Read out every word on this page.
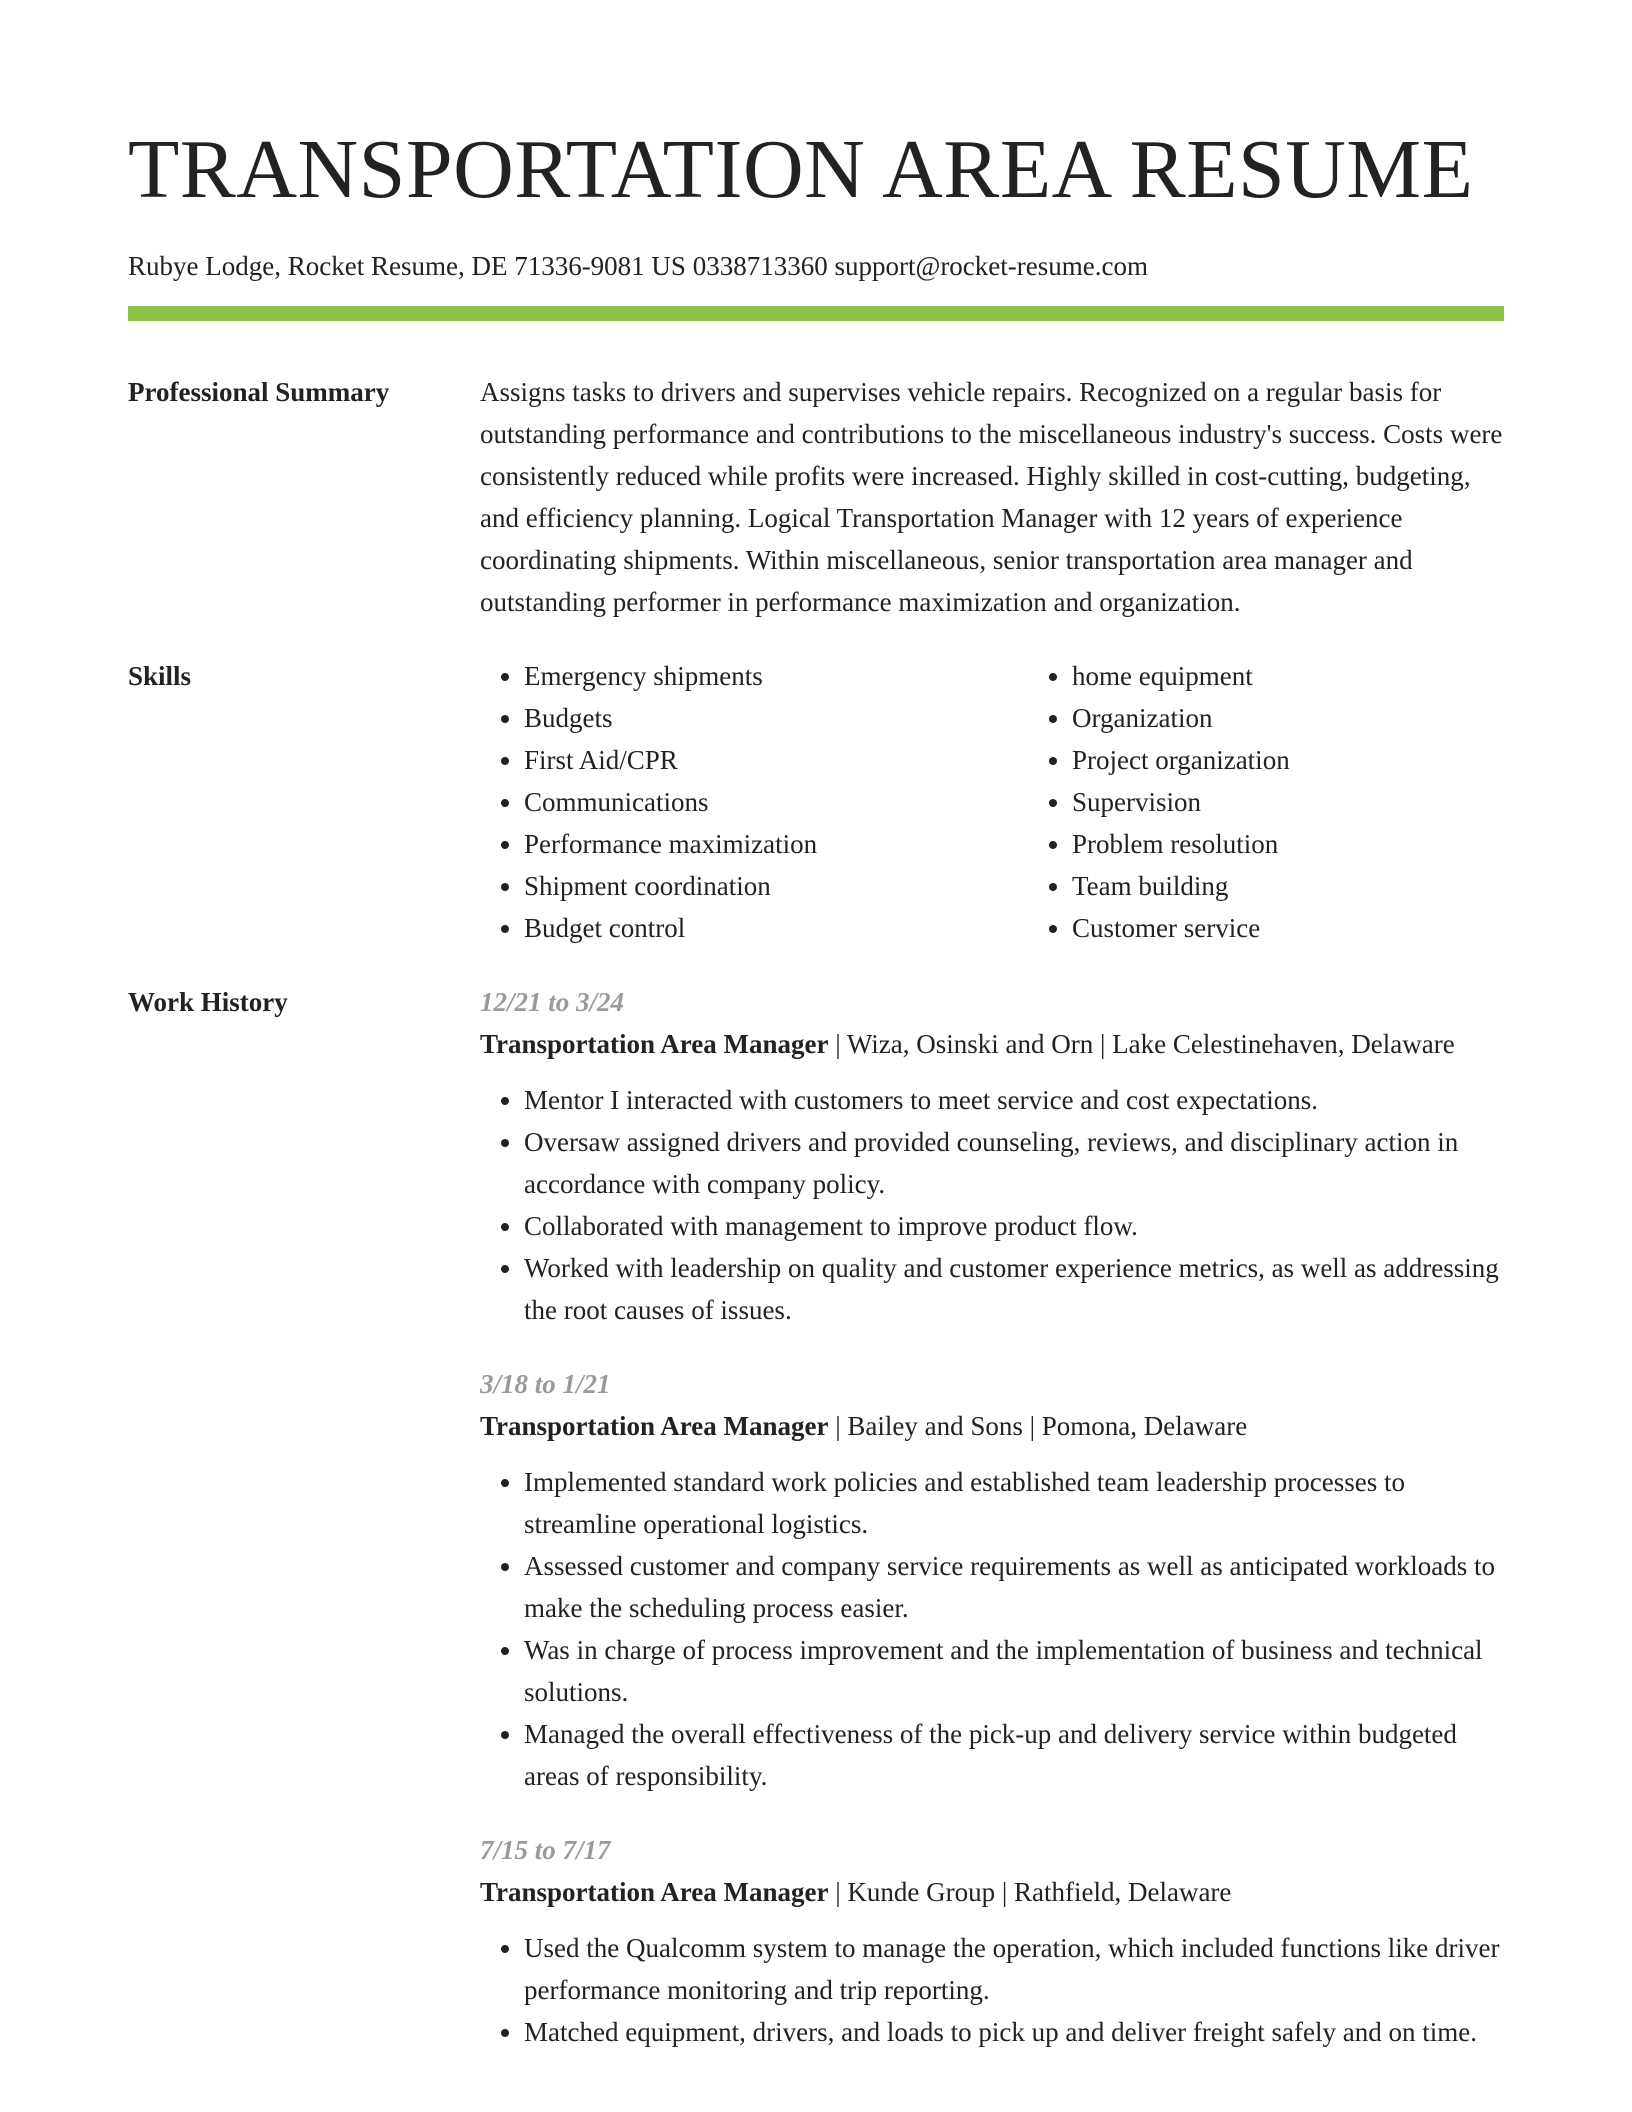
TRANSPORTATION AREA RESUME
Rubye Lodge, Rocket Resume, DE 71336-9081 US 0338713360 support@rocket-resume.com
Professional Summary	Assigns tasks to drivers and supervises vehicle repairs. Recognized on a regular basis for outstanding performance and contributions to the miscellaneous industry's success. Costs were consistently reduced while profits were increased. Highly skilled in cost-cutting, budgeting, and efficiency planning. Logical Transportation Manager with 12 years of experience coordinating shipments. Within miscellaneous, senior transportation area manager and outstanding performer in performance maximization and organization.

Skills
•	Emergency shipments
• Budgets
• First Aid/CPR
• Communications
• Performance maximization
• Shipment coordination
• Budget control
• home equipment
• Organization
• Project organization
• Supervision
• Problem resolution
• Team building
• Customer service
Work History	12/21 to 3/24
Transportation Area Manager | Wiza, Osinski and Orn | Lake Celestinehaven, Delaware
• Mentor I interacted with customers to meet service and cost expectations.
• Oversaw assigned drivers and provided counseling, reviews, and disciplinary action in accordance with company policy.
• Collaborated with management to improve product flow.
• Worked with leadership on quality and customer experience metrics, as well as addressing the root causes of issues.
3/18 to 1/21
Transportation Area Manager | Bailey and Sons | Pomona, Delaware
• Implemented standard work policies and established team leadership processes to streamline operational logistics.
• Assessed customer and company service requirements as well as anticipated workloads to make the scheduling process easier.
• Was in charge of process improvement and the implementation of business and technical solutions.
• Managed the overall effectiveness of the pick-up and delivery service within budgeted areas of responsibility.
7/15 to 7/17
Transportation Area Manager | Kunde Group | Rathfield, Delaware
• Used the Qualcomm system to manage the operation, which included functions like driver performance monitoring and trip reporting.
• Matched equipment, drivers, and loads to pick up and deliver freight safely and on time.
